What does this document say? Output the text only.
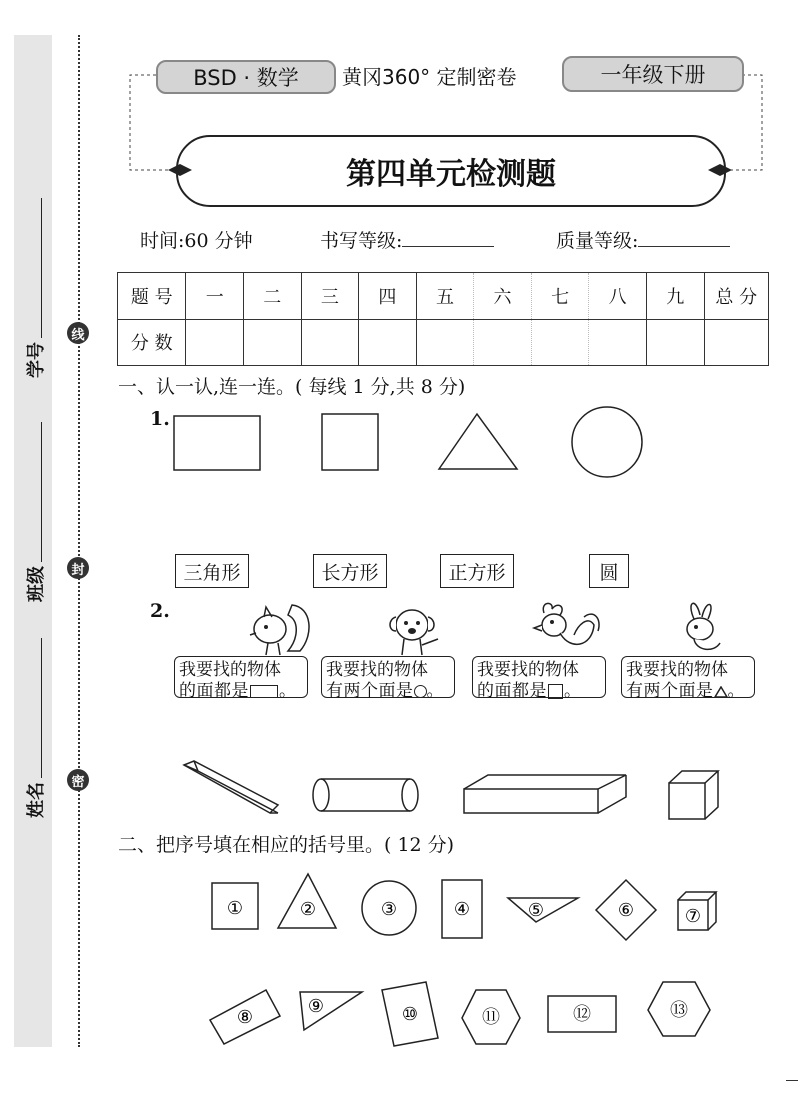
学号
班级
姓名
线
封
密
BSD · 数学	黄冈360° 定制密卷	一年级下册
第四单元检测题
时间:60 分钟	书写等级:	质量等级:
题 号	一	二	三	四	五	六	七	八	九	总 分
分 数										
一、认一认,连一连。( 每线 1 分,共 8 分)
1.
三角形	长方形	正方形	圆
2.
我要找的物体
的面都是 。
我要找的物体
有两个面是 。
我要找的物体
的面都是 。
我要找的物体
有两个面是 。
二、把序号填在相应的括号里。( 12 分)
①	②	③	④	⑤	⑥	⑦
⑧
⑨	⑩	⑪	⑫	⑬
